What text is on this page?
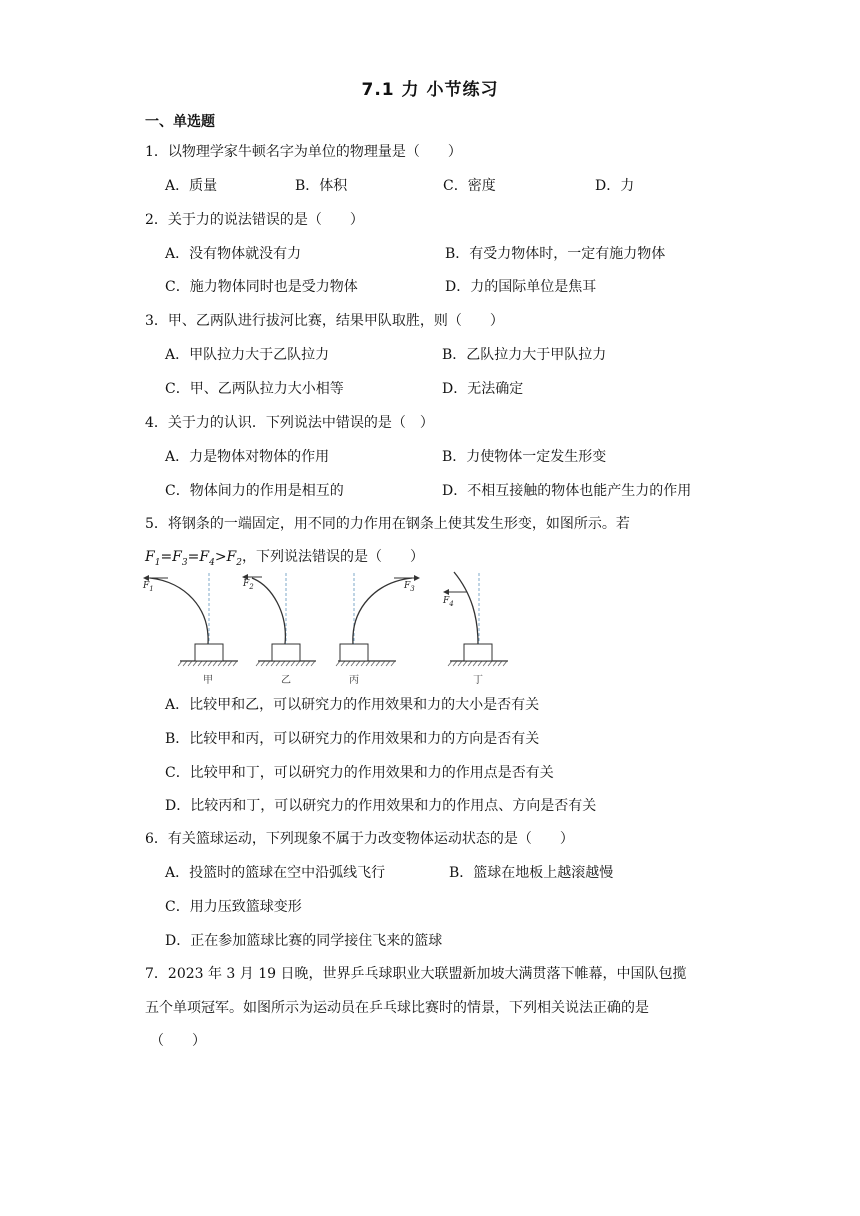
7.1 力 小节练习
一、单选题
1．以物理学家牛顿名字为单位的物理量是（　　）
A．质量	B．体积	C．密度	D．力
2．关于力的说法错误的是（　　）
A．没有物体就没有力	B．有受力物体时，一定有施力物体
C．施力物体同时也是受力物体	D．力的国际单位是焦耳
3．甲、乙两队进行拔河比赛，结果甲队取胜，则（　　）
A．甲队拉力大于乙队拉力	B．乙队拉力大于甲队拉力
C．甲、乙两队拉力大小相等	D．无法确定
4．关于力的认识．下列说法中错误的是（　）
A．力是物体对物体的作用	B．力使物体一定发生形变
C．物体间力的作用是相互的	D．不相互接触的物体也能产生力的作用
5．将钢条的一端固定，用不同的力作用在钢条上使其发生形变，如图所示。若
$F_1=F_3=F_4>F_2$，下列说法错误的是（　　）
$F_1$	$F_2$	$F_3$
$F_4$
甲	乙	丙	丁
A．比较甲和乙，可以研究力的作用效果和力的大小是否有关
B．比较甲和丙，可以研究力的作用效果和力的方向是否有关
C．比较甲和丁，可以研究力的作用效果和力的作用点是否有关
D．比较丙和丁，可以研究力的作用效果和力的作用点、方向是否有关
6．有关篮球运动，下列现象不属于力改变物体运动状态的是（　　）
A．投篮时的篮球在空中沿弧线飞行	B．篮球在地板上越滚越慢
C．用力压致篮球变形
D．正在参加篮球比赛的同学接住飞来的篮球
7．2023 年 3 月 19 日晚，世界乒乓球职业大联盟新加坡大满贯落下帷幕，中国队包揽
五个单项冠军。如图所示为运动员在乒乓球比赛时的情景，下列相关说法正确的是
（　　）
